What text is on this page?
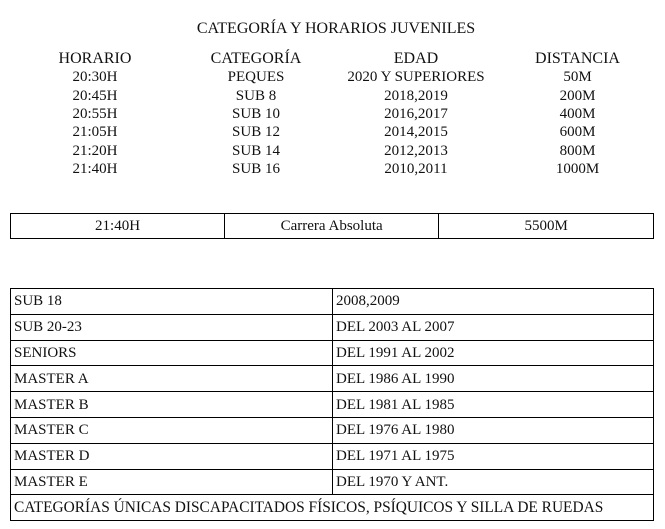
CATEGORÍA Y HORARIOS JUVENILES
HORARIO	CATEGORÍA	EDAD	DISTANCIA
20:30H	PEQUES	2020 Y SUPERIORES	50M
20:45H	SUB 8	2018,2019	200M
20:55H	SUB 10	2016,2017	400M
21:05H	SUB 12	2014,2015	600M
21:20H	SUB 14	2012,2013	800M
21:40H	SUB 16	2010,2011	1000M
21:40H	Carrera Absoluta	5500M
SUB 18	2008,2009
SUB 20-23	DEL 2003 AL 2007
SENIORS	DEL 1991 AL 2002
MASTER A	DEL 1986 AL 1990
MASTER B	DEL 1981 AL 1985
MASTER C	DEL 1976 AL 1980
MASTER D	DEL 1971 AL 1975
MASTER E	DEL 1970 Y ANT.
CATEGORÍAS ÚNICAS DISCAPACITADOS FÍSICOS, PSÍQUICOS Y SILLA DE RUEDAS	
